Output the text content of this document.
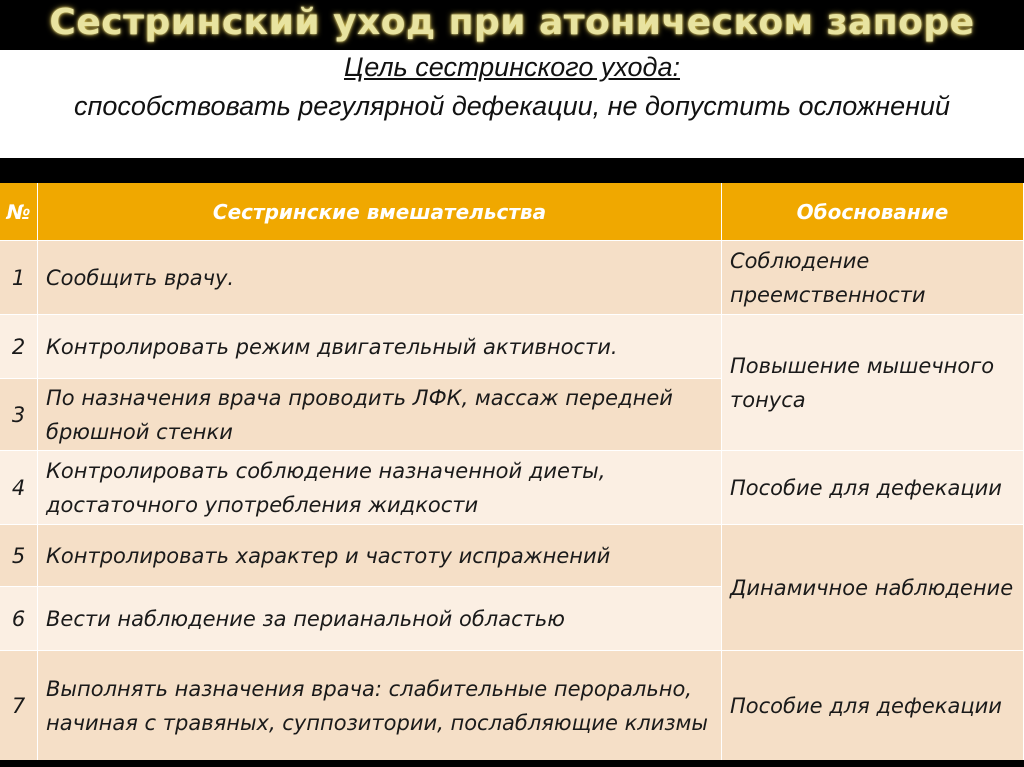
Сестринский уход при атоническом запоре
Цель сестринского ухода:
способствовать регулярной дефекации, не допустить осложнений
№	Сестринские вмешательства	Обоснование
1 Сообщить врачу.
2 Контролировать режим двигательный активности.
3
По назначения врача проводить ЛФК, массаж передней брюшной стенки
4
Контролировать соблюдение назначенной диеты, достаточного употребления жидкости
5 Контролировать характер и частоту испражнений
6 Вести наблюдение за перианальной областью
7
Выполнять назначения врача: слабительные перорально, начиная с травяных, суппозитории, послабляющие клизмы
Соблюдение преемственности
Повышение мышечного тонуса
Пособие для дефекации
Динамичное наблюдение
Пособие для дефекации
